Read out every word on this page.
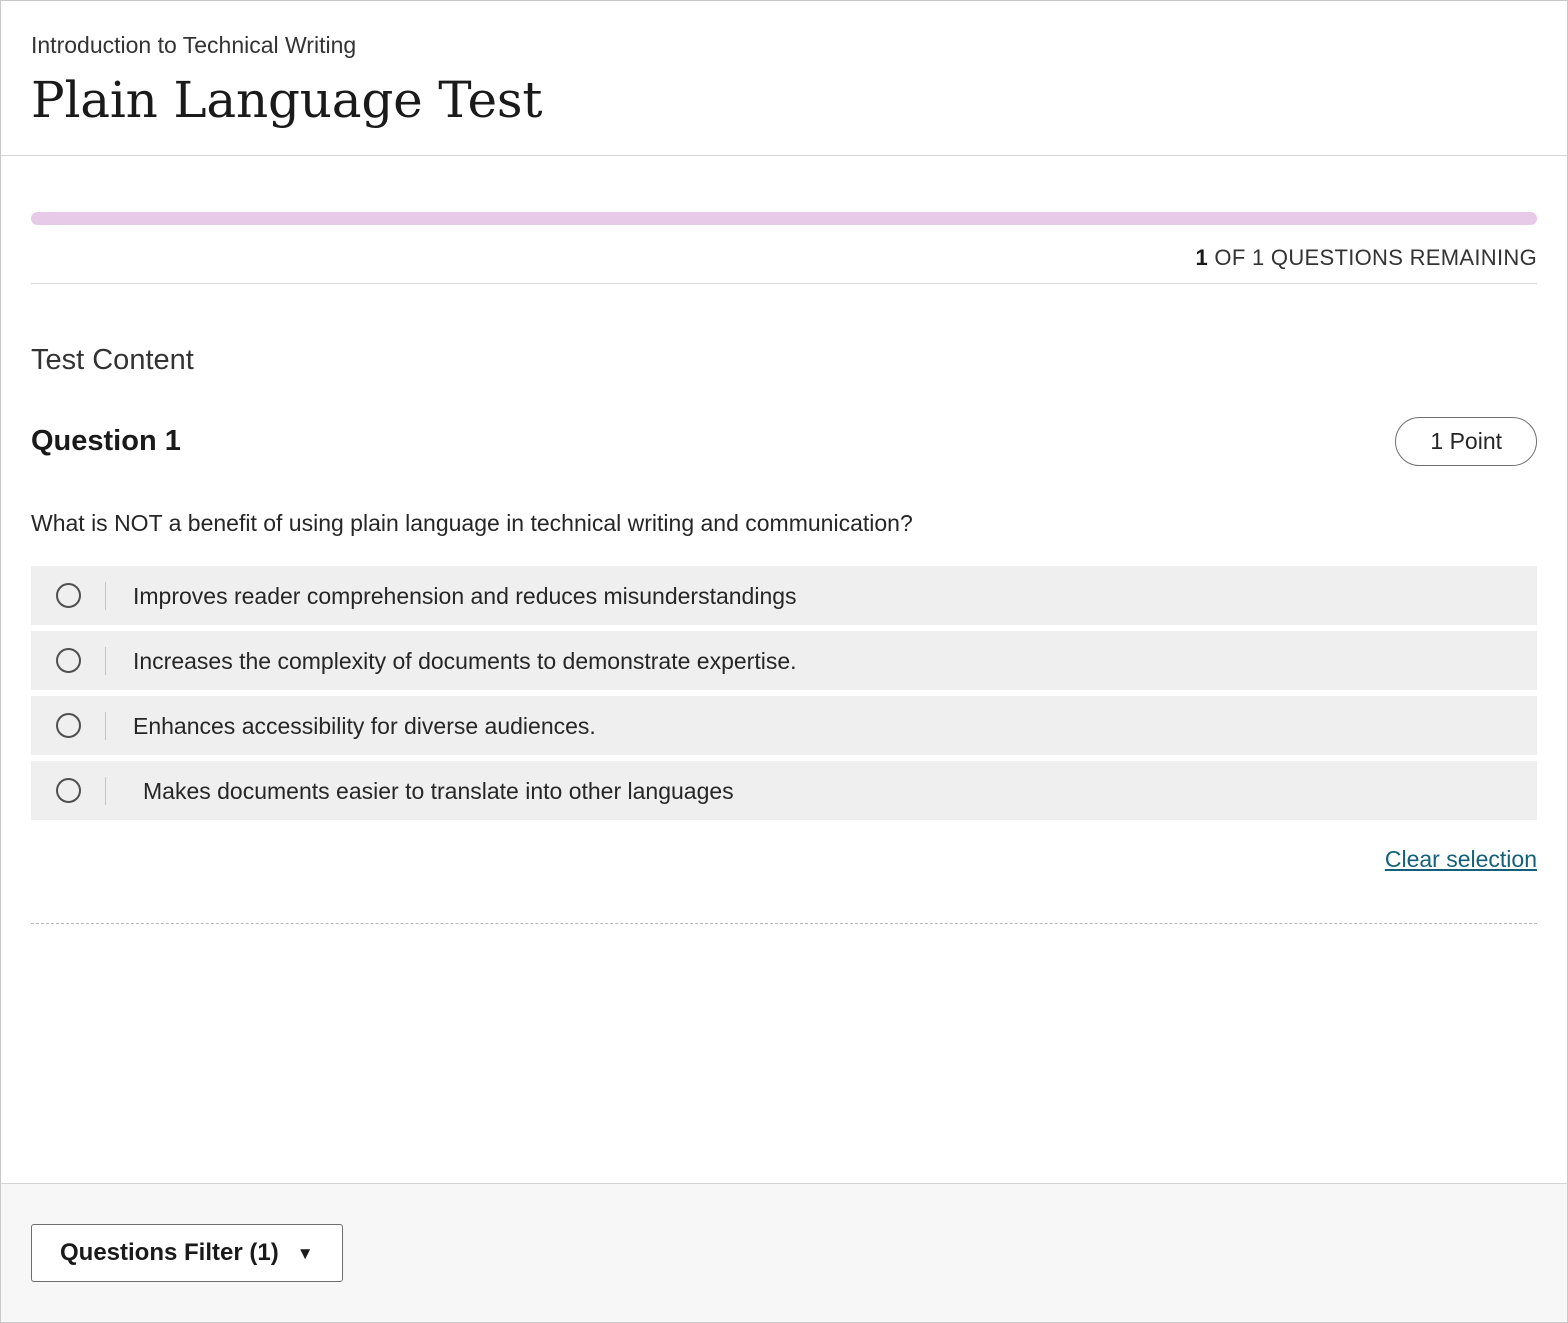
Introduction to Technical Writing
Plain Language Test
1 OF 1 QUESTIONS REMAINING
Test Content
Question 1	1 Point
What is NOT a benefit of using plain language in technical writing and communication?
Improves reader comprehension and reduces misunderstandings
Increases the complexity of documents to demonstrate expertise.
Enhances accessibility for diverse audiences.
Makes documents easier to translate into other languages
Clear selection
Questions Filter (1) ▼
